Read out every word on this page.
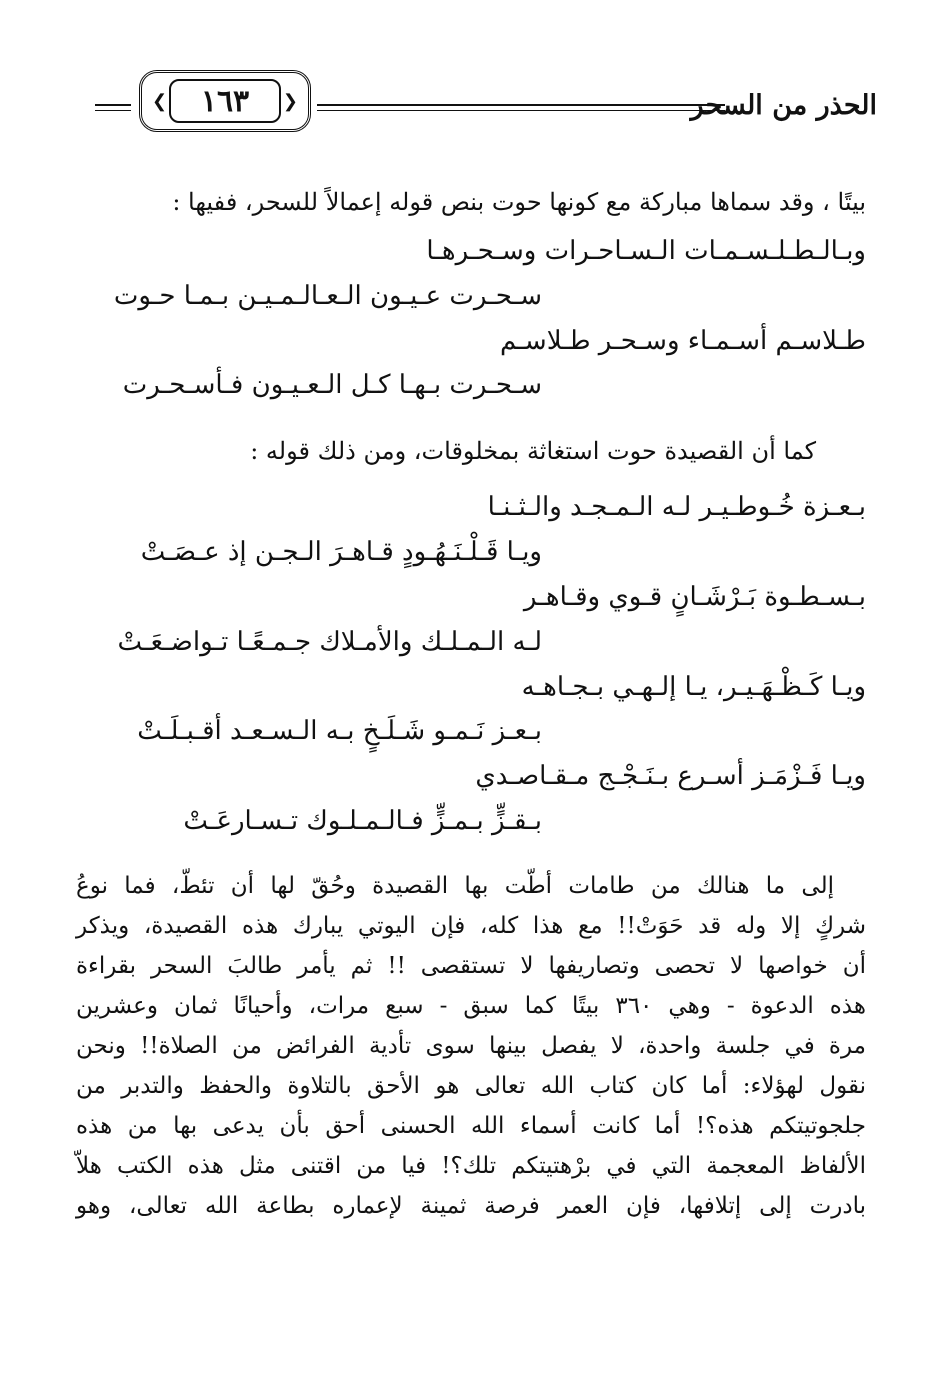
الحذر من السحر
❮
١٦٣
❯
بيتًا ، وقد سماها مباركة مع كونها حوت بنص قوله إعمالاً للسحر، ففيها :
وبـالـطـلـسـمـات الـسـاحـرات وسـحـرهـا
سـحـرت عـيـون الـعـالـمـيـن بـمـا حـوت
طـلاسـم أسـمـاء وسـحـر طـلاسـم
سـحـرت بـهـا كـل الـعـيـون فـأسـحـرت
كما أن القصيدة حوت استغاثة بمخلوقات، ومن ذلك قوله :
بـعـزة خُـوطـيـر لـه الـمـجـد والـثـنـا
ويـا قَـلْـنَـهُـودٍ قـاهـرَ الـجـن إذ عـصَـتْ
بـسـطـوة بَـرْشَـانٍ قـوي وقـاهـر
لـه الـمـلـك والأمـلاك جـمـعًـا تـواضـعَـتْ
ويـا كَـظْـهَـيـر، يـا إلـهـي بـجـاهـه
بـعـز نَـمـو شَـلَـخٍ بـه الـسـعـد أقـبـلَـتْ
ويـا فَـزْمَـز أسـرع بـنَـجْـج مـقـاصـدي
بـقـزٍّ بـمـزٍّ فـالـمـلـوك تـسـارعَـتْ
إلى ما هنالك من طامات أطّت بها القصيدة وحُقّ لها أن تئطّ، فما نوعُ
شركٍ إلا وله قد حَوَتْ!! مع هذا كله، فإن اليوتي يبارك هذه القصيدة، ويذكر
أن خواصها لا تحصى وتصاريفها لا تستقصى !! ثم يأمر طالبَ السحر بقراءة
هذه الدعوة - وهي ٣٦٠ بيتًا كما سبق - سبع مرات، وأحيانًا ثمان وعشرين
مرة في جلسة واحدة، لا يفصل بينها سوى تأدية الفرائض من الصلاة!! ونحن
نقول لهؤلاء: أما كان كتاب الله تعالى هو الأحق بالتلاوة والحفظ والتدبر من
جلجوتيتكم هذه؟! أما كانت أسماء الله الحسنى أحق بأن يدعى بها من هذه
الألفاظ المعجمة التي في برْهتيتكم تلك؟! فيا من اقتنى مثل هذه الكتب هلاّ
بادرت إلى إتلافها، فإن العمر فرصة ثمينة لإعماره بطاعة الله تعالى، وهو
